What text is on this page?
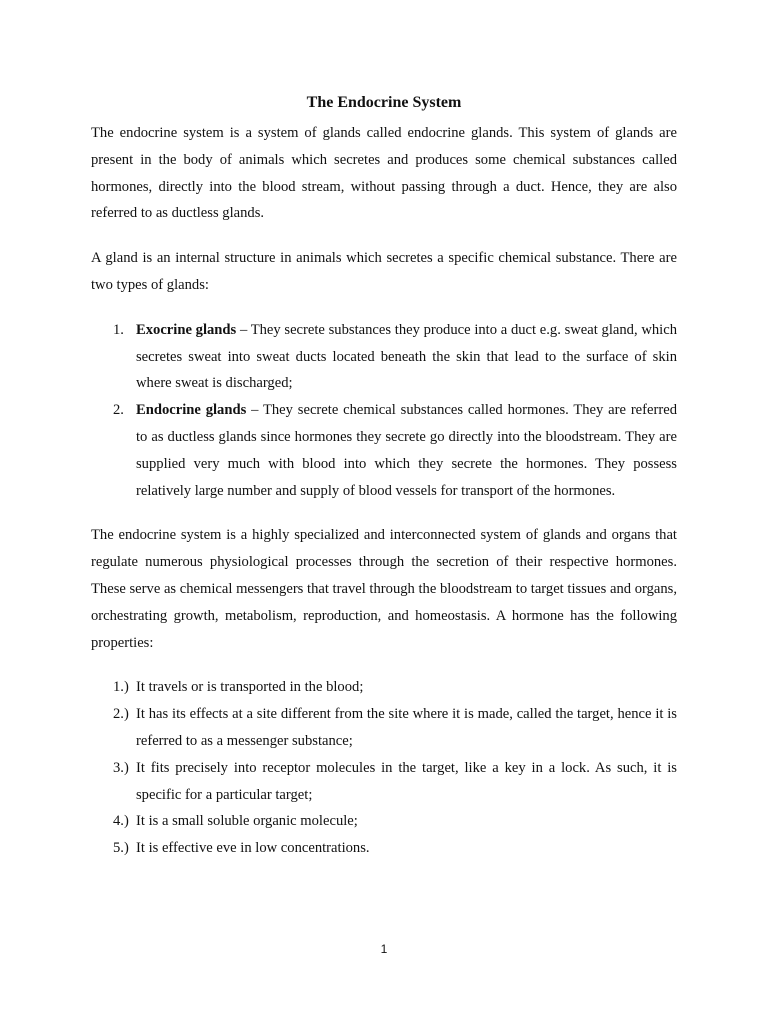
The Endocrine System

The endocrine system is a system of glands called endocrine glands. This system of glands are present in the body of animals which secretes and produces some chemical substances called hormones, directly into the blood stream, without passing through a duct. Hence, they are also referred to as ductless glands.

A gland is an internal structure in animals which secretes a specific chemical substance. There are two types of glands:

1. Exocrine glands – They secrete substances they produce into a duct e.g. sweat gland, which secretes sweat into sweat ducts located beneath the skin that lead to the surface of skin where sweat is discharged;
2. Endocrine glands – They secrete chemical substances called hormones. They are referred to as ductless glands since hormones they secrete go directly into the bloodstream. They are supplied very much with blood into which they secrete the hormones. They possess relatively large number and supply of blood vessels for transport of the hormones.

The endocrine system is a highly specialized and interconnected system of glands and organs that regulate numerous physiological processes through the secretion of their respective hormones. These serve as chemical messengers that travel through the bloodstream to target tissues and organs, orchestrating growth, metabolism, reproduction, and homeostasis. A hormone has the following properties:

1.) It travels or is transported in the blood;
2.) It has its effects at a site different from the site where it is made, called the target, hence it is referred to as a messenger substance;
3.) It fits precisely into receptor molecules in the target, like a key in a lock. As such, it is specific for a particular target;
4.) It is a small soluble organic molecule;
5.) It is effective eve in low concentrations.
1
